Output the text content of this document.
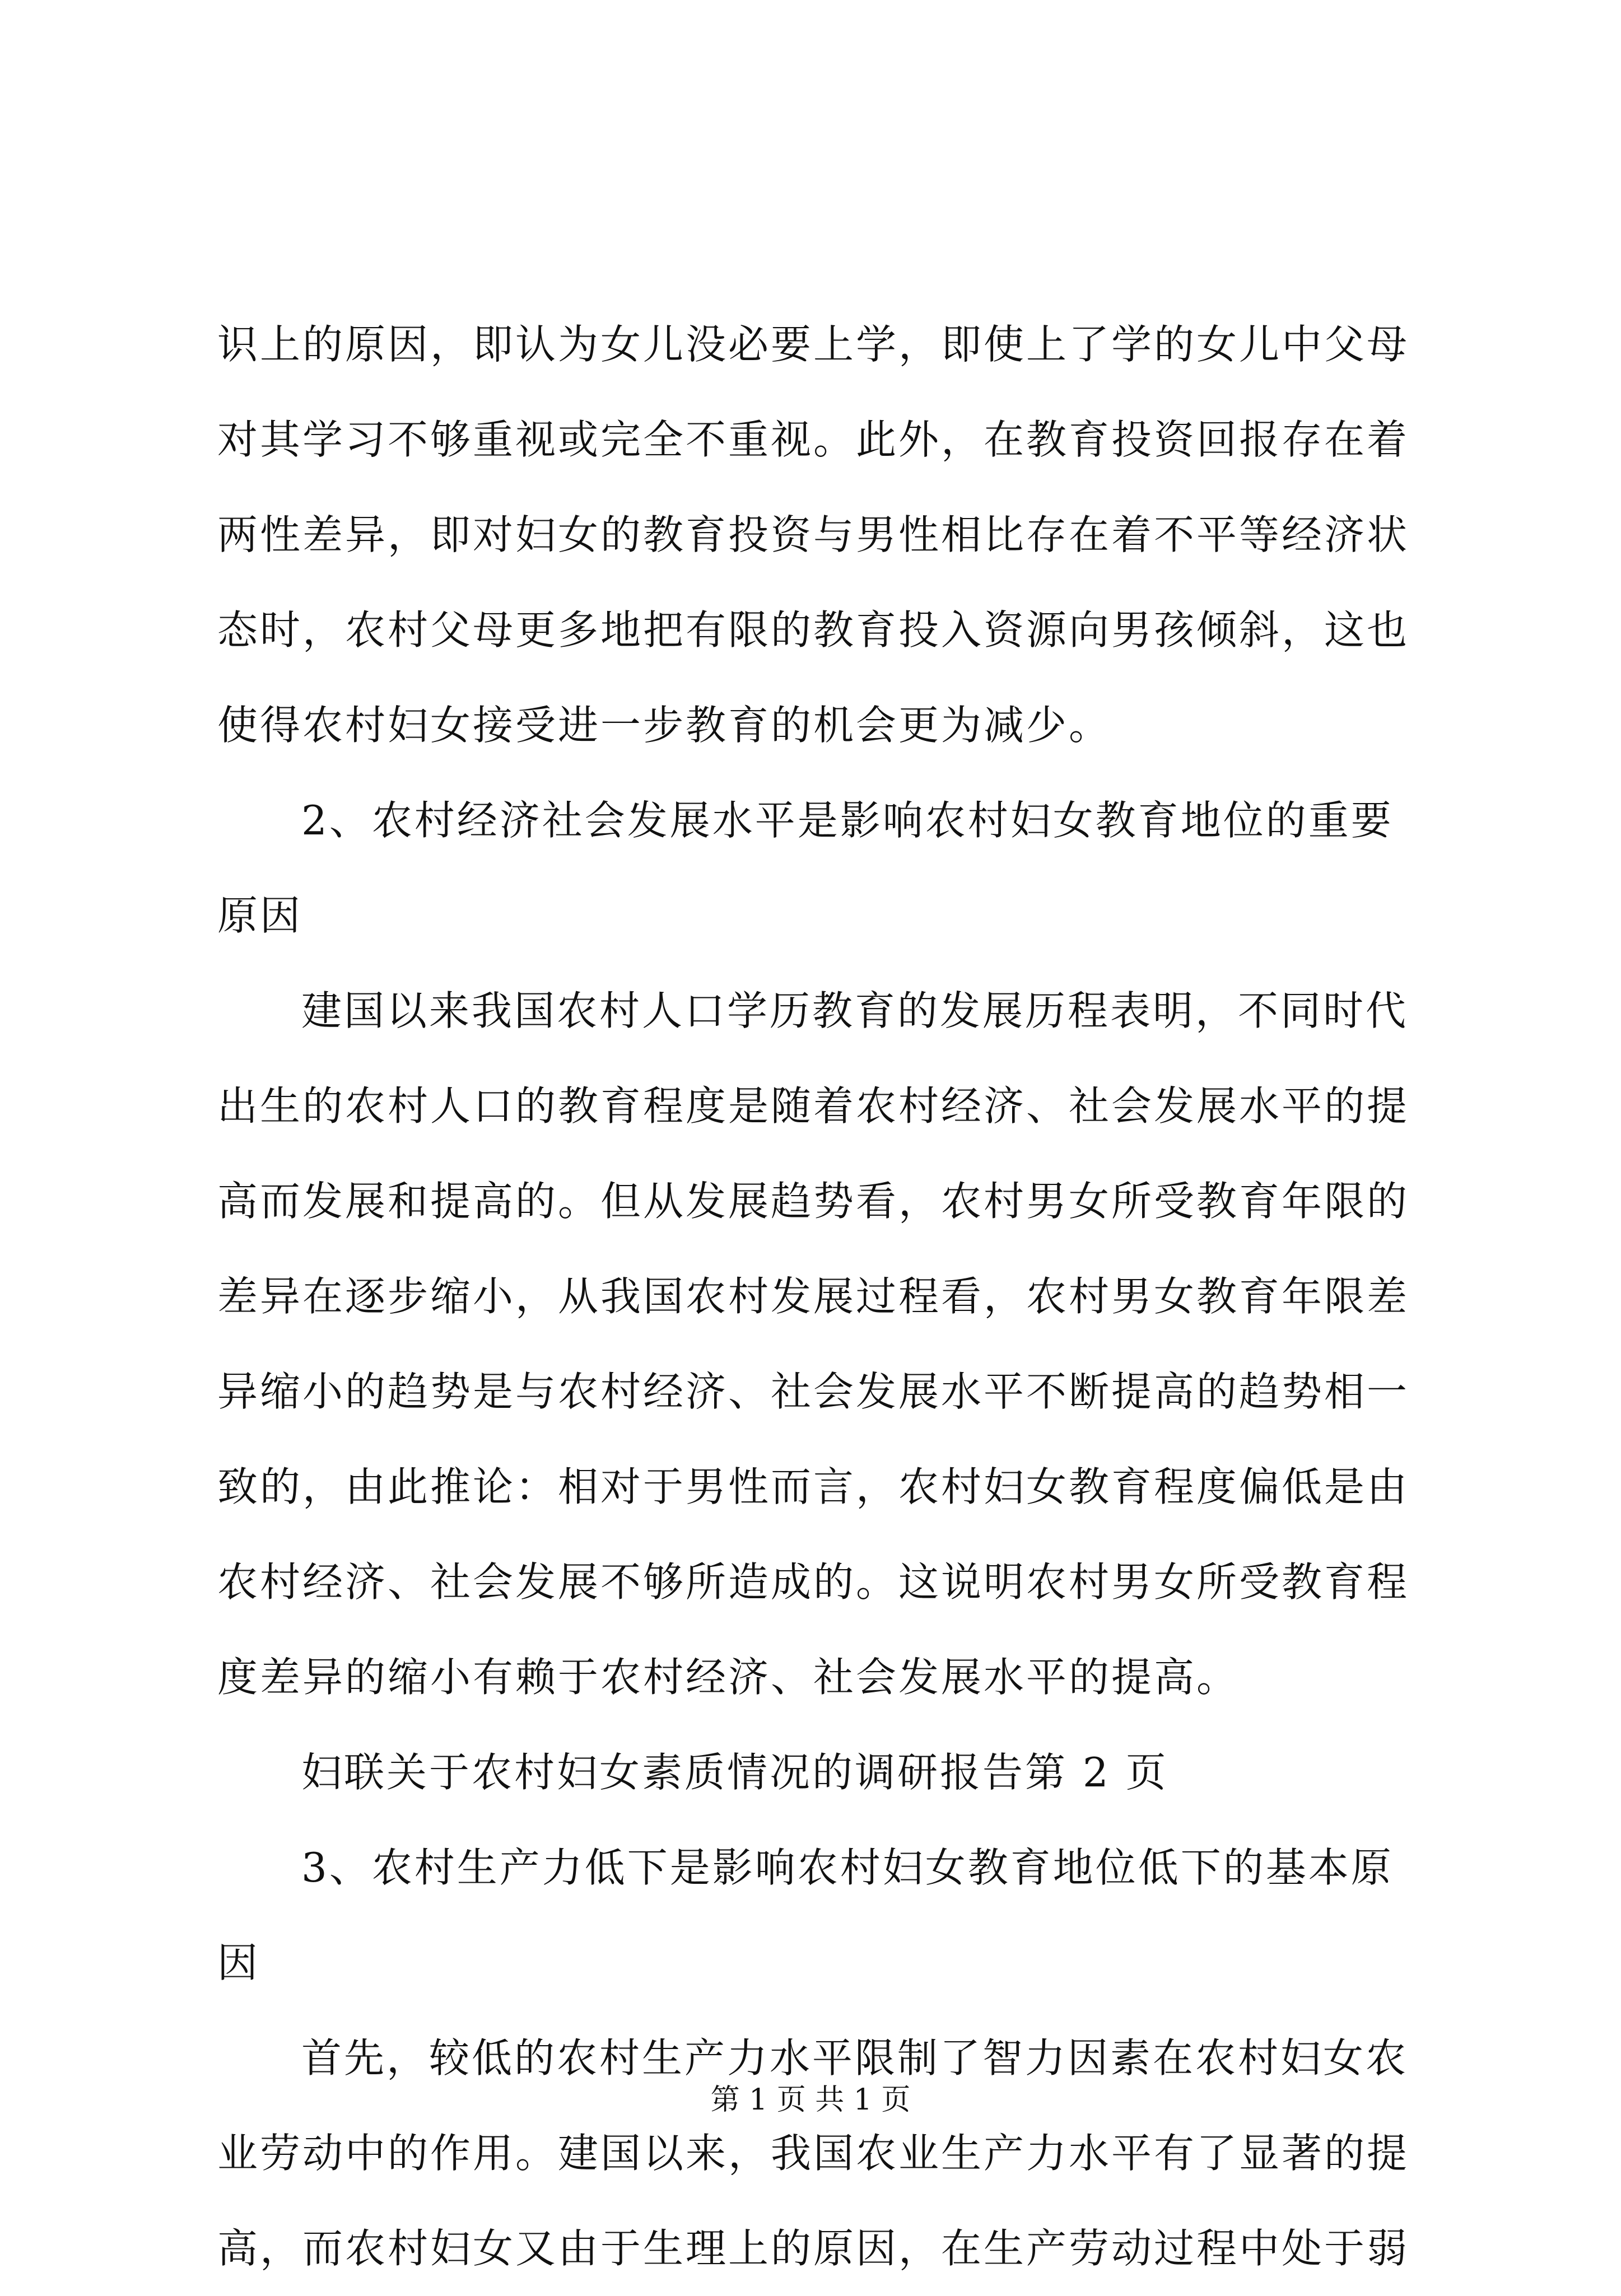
识上的原因，即认为女儿没必要上学，即使上了学的女儿中父母
对其学习不够重视或完全不重视。此外，在教育投资回报存在着
两性差异，即对妇女的教育投资与男性相比存在着不平等经济状
态时，农村父母更多地把有限的教育投入资源向男孩倾斜，这也
使得农村妇女接受进一步教育的机会更为减少。
2、农村经济社会发展水平是影响农村妇女教育地位的重要
原因
建国以来我国农村人口学历教育的发展历程表明，不同时代
出生的农村人口的教育程度是随着农村经济、社会发展水平的提
高而发展和提高的。但从发展趋势看，农村男女所受教育年限的
差异在逐步缩小，从我国农村发展过程看，农村男女教育年限差
异缩小的趋势是与农村经济、社会发展水平不断提高的趋势相一
致的，由此推论：相对于男性而言，农村妇女教育程度偏低是由
农村经济、社会发展不够所造成的。这说明农村男女所受教育程
度差异的缩小有赖于农村经济、社会发展水平的提高。
妇联关于农村妇女素质情况的调研报告第 2 页
3、农村生产力低下是影响农村妇女教育地位低下的基本原
因
首先，较低的农村生产力水平限制了智力因素在农村妇女农
业劳动中的作用。建国以来，我国农业生产力水平有了显著的提
高，而农村妇女又由于生理上的原因，在生产劳动过程中处于弱
第 1 页 共 1 页
